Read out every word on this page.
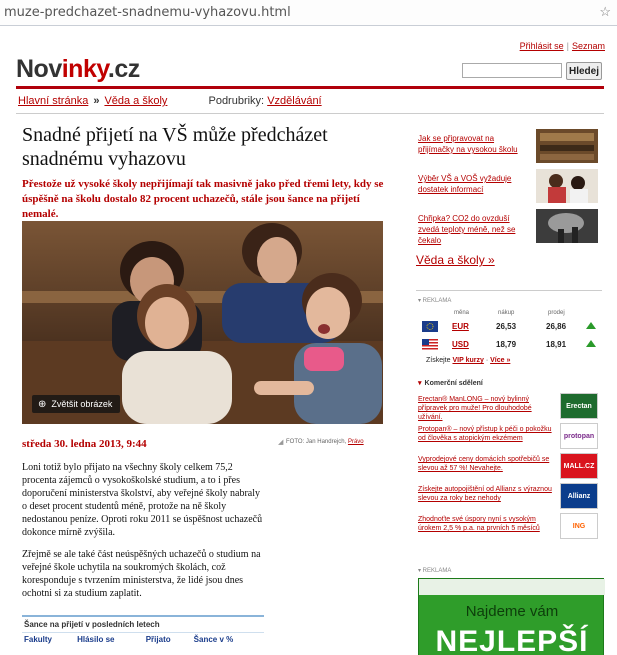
muze-predchazet-snadnemu-vyhazovu.html	☆
Přihlásit se | Seznam
Novinky.cz	Hledej
Hlavní stránka » Věda a školy	Podrubriky: Vzdělávání
Snadné přijetí na VŠ může předcházet snadnému vyhazovu

Přestože už vysoké školy nepřijímají tak masivně jako před třemi lety, kdy se úspěšně na školu dostalo 82 procent uchazečů, stále jsou šance na přijetí nemalé.

⊕ Zvětšit obrázek
středa 30. ledna 2013, 9:44	◢ FOTO: Jan Handrejch, Právo

Loni totiž bylo přijato na všechny školy celkem 75,2 procenta zájemců o vysokoškolské studium, a to i přes doporučení ministerstva školství, aby veřejné školy nabraly o deset procent studentů méně, protože na ně školy nedostanou peníze. Oproti roku 2011 se úspěšnost uchazečů dokonce mírně zvýšila.

Zřejmě se ale také část neúspěšných uchazečů o studium na veřejné škole uchytila na soukromých školách, což koresponduje s tvrzením ministerstva, že lidé jsou dnes ochotni si za studium zaplatit.

Šance na přijetí v posledních letech
Fakulty	Hlásilo se	Přijato	Šance v %
Jak se připravovat na přijímačky na vysokou školu
Výběr VŠ a VOŠ vyžaduje dostatek informací
Chřipka? CO2 do ovzduší zvedá teploty méně, než se čekalo
Věda a školy »
▾ REKLAMA
měna	nákup	prodej
EUR	26,53	26,86
USD	18,79	18,91
Získejte VIP kurzy · Více »
▾ Komerční sdělení
Erectan® ManLONG – nový bylinný přípravek pro muže! Pro dlouhodobé užívání.
Erectan
Protopan® – nový přístup k péči o pokožku od člověka s atopickým ekzémem	protopan
Vyprodejové ceny domácích spotřebičů se slevou až 57 %! Nevahejte.	MALL.CZ
Získejte autopojištění od Allianz s výraznou slevou za roky bez nehody	Allianz
Zhodnoťte své úspory nyní s vysokým úrokem 2,5 % p.a. na prvních 5 měsíců	ING
▾ REKLAMA
Najdeme vám
NEJLEPŠÍ
